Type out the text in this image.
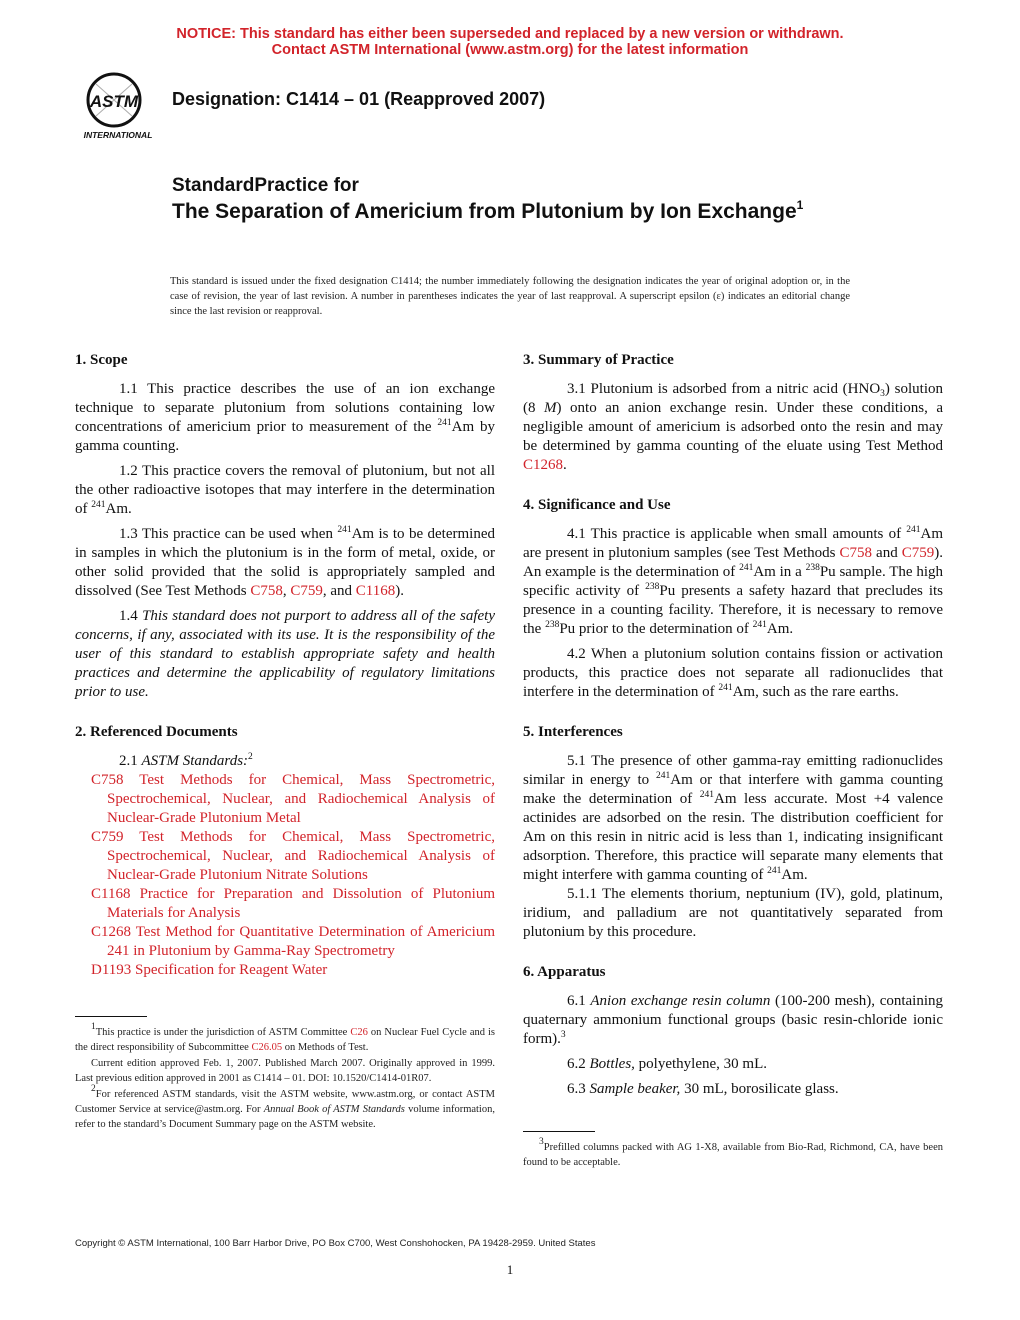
NOTICE: This standard has either been superseded and replaced by a new version or withdrawn.
Contact ASTM International (www.astm.org) for the latest information
ASTM
INTERNATIONAL
Designation: C1414 – 01 (Reapproved 2007)
StandardPractice for
The Separation of Americium from Plutonium by Ion Exchange$^1$
This standard is issued under the fixed designation C1414; the number immediately following the designation indicates the year of original adoption or, in the case of revision, the year of last revision. A number in parentheses indicates the year of last reapproval. A superscript epsilon (ε) indicates an editorial change since the last revision or reapproval.
1. Scope

1.1 This practice describes the use of an ion exchange technique to separate plutonium from solutions containing low concentrations of americium prior to measurement of the $^{241}$Am by gamma counting.

1.2 This practice covers the removal of plutonium, but not all the other radioactive isotopes that may interfere in the determination of $^{241}$Am.

1.3 This practice can be used when $^{241}$Am is to be determined in samples in which the plutonium is in the form of metal, oxide, or other solid provided that the solid is appropriately sampled and dissolved (See Test Methods C758, C759, and C1168).

1.4 This standard does not purport to address all of the safety concerns, if any, associated with its use. It is the responsibility of the user of this standard to establish appropriate safety and health practices and determine the applicability of regulatory limitations prior to use.

2. Referenced Documents

2.1 ASTM Standards:$^2$

C758 Test Methods for Chemical, Mass Spectrometric, Spectrochemical, Nuclear, and Radiochemical Analysis of Nuclear-Grade Plutonium Metal
C759 Test Methods for Chemical, Mass Spectrometric, Spectrochemical, Nuclear, and Radiochemical Analysis of Nuclear-Grade Plutonium Nitrate Solutions
C1168 Practice for Preparation and Dissolution of Plutonium Materials for Analysis
C1268 Test Method for Quantitative Determination of Americium 241 in Plutonium by Gamma-Ray Spectrometry
D1193 Specification for Reagent Water

$^1$This practice is under the jurisdiction of ASTM Committee C26 on Nuclear Fuel Cycle and is the direct responsibility of Subcommittee C26.05 on Methods of Test.

Current edition approved Feb. 1, 2007. Published March 2007. Originally approved in 1999. Last previous edition approved in 2001 as C1414 – 01. DOI: 10.1520/C1414-01R07.

$^2$For referenced ASTM standards, visit the ASTM website, www.astm.org, or contact ASTM Customer Service at service@astm.org. For Annual Book of ASTM Standards volume information, refer to the standard’s Document Summary page on the ASTM website.

3. Summary of Practice

3.1 Plutonium is adsorbed from a nitric acid $(HNO_3)$ solution (8 M) onto an anion exchange resin. Under these conditions, a negligible amount of americium is adsorbed onto the resin and may be determined by gamma counting of the eluate using Test Method C1268.

4. Significance and Use

4.1 This practice is applicable when small amounts of $^{241}$Am are present in plutonium samples (see Test Methods C758 and C759). An example is the determination of $^{241}$Am in a $^{238}$Pu sample. The high specific activity of $^{238}$Pu presents a safety hazard that precludes its presence in a counting facility. Therefore, it is necessary to remove the $^{238}$Pu prior to the determination of $^{241}$Am.

4.2 When a plutonium solution contains fission or activation products, this practice does not separate all radionuclides that interfere in the determination of $^{241}$Am, such as the rare earths.

5. Interferences

5.1 The presence of other gamma-ray emitting radionuclides similar in energy to $^{241}$Am or that interfere with gamma counting make the determination of $^{241}$Am less accurate. Most +4 valence actinides are adsorbed on the resin. The distribution coefficient for Am on this resin in nitric acid is less than 1, indicating insignificant adsorption. Therefore, this practice will separate many elements that might interfere with gamma counting of $^{241}$Am.

5.1.1 The elements thorium, neptunium (IV), gold, platinum, iridium, and palladium are not quantitatively separated from plutonium by this procedure.

6. Apparatus

6.1 Anion exchange resin column (100-200 mesh), containing quaternary ammonium functional groups (basic resin-chloride ionic form).$^3$

6.2 Bottles, polyethylene, 30 mL.

6.3 Sample beaker, 30 mL, borosilicate glass.

$^3$Prefilled columns packed with AG 1-X8, available from Bio-Rad, Richmond, CA, have been found to be acceptable.

Copyright © ASTM International, 100 Barr Harbor Drive, PO Box C700, West Conshohocken, PA 19428-2959. United States
1
